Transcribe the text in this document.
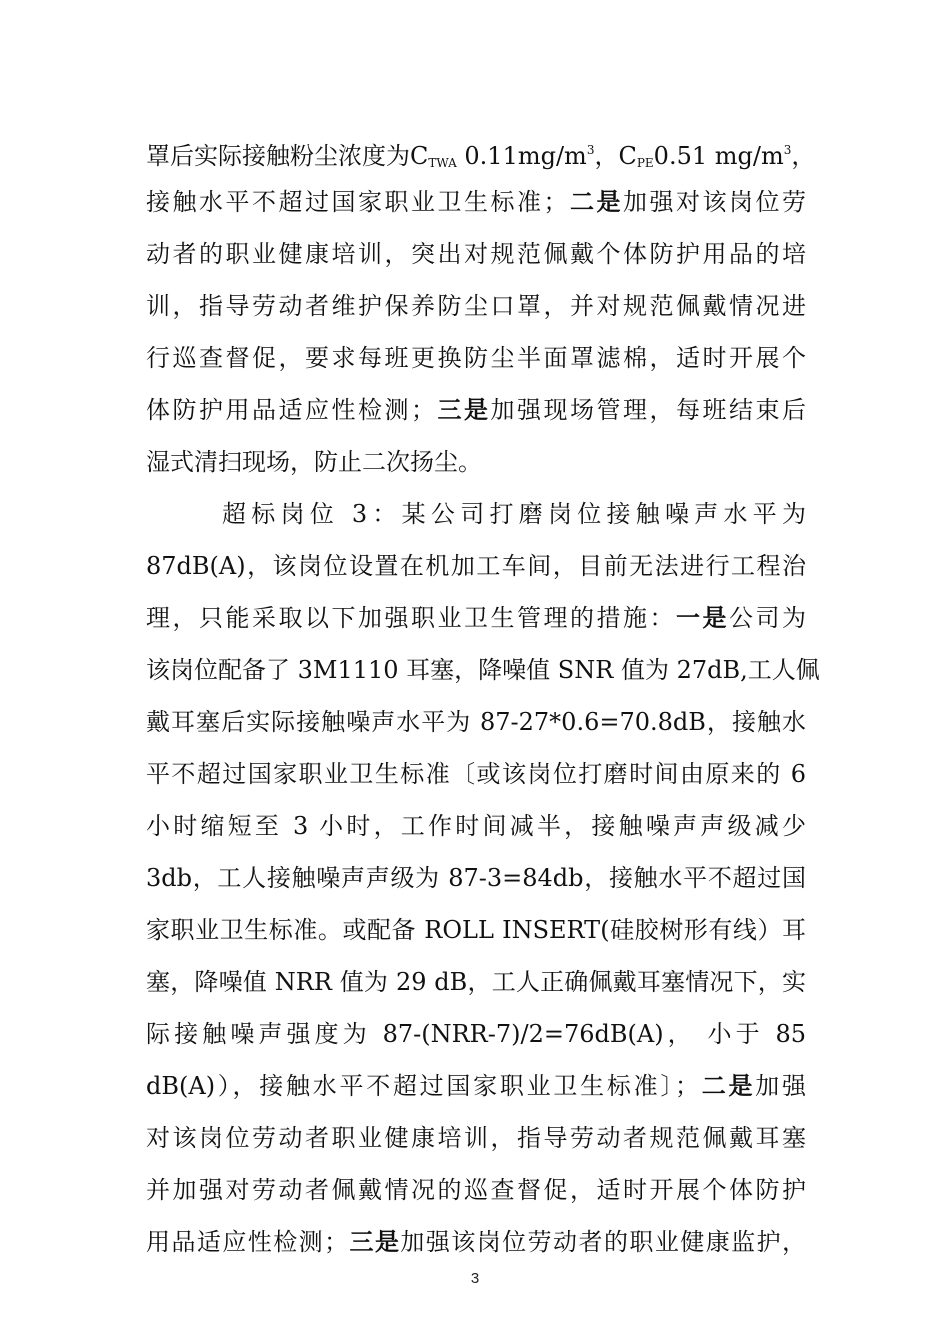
罩后实际接触粉尘浓度为$C_{TWA}$ $0.11mg/m^3$，$C_{PE}0.51$ $mg/m^3$，
接触水平不超过国家职业卫生标准；二是加强对该岗位劳
动者的职业健康培训，突出对规范佩戴个体防护用品的培
训，指导劳动者维护保养防尘口罩，并对规范佩戴情况进
行巡查督促，要求每班更换防尘半面罩滤棉，适时开展个
体防护用品适应性检测；三是加强现场管理，每班结束后
湿式清扫现场，防止二次扬尘。
超标岗位 3：某公司打磨岗位接触噪声水平为
87dB(A)，该岗位设置在机加工车间，目前无法进行工程治
理，只能采取以下加强职业卫生管理的措施：一是公司为
该岗位配备了 3M1110 耳塞，降噪值 SNR 值为 27dB,工人佩
戴耳塞后实际接触噪声水平为 87-27*0.6=70.8dB，接触水
平不超过国家职业卫生标准〔或该岗位打磨时间由原来的 6
小时缩短至 3 小时，工作时间减半，接触噪声声级减少
3db，工人接触噪声声级为 87-3=84db，接触水平不超过国
家职业卫生标准。或配备 ROLL INSERT(硅胶树形有线）耳
塞，降噪值 NRR 值为 29 dB，工人正确佩戴耳塞情况下，实
际接触噪声强度为 87-(NRR-7)/2=76dB(A)， 小于 85
dB(A)），接触水平不超过国家职业卫生标准〕；二是加强
对该岗位劳动者职业健康培训，指导劳动者规范佩戴耳塞
并加强对劳动者佩戴情况的巡查督促，适时开展个体防护
用品适应性检测；三是加强该岗位劳动者的职业健康监护，
3
